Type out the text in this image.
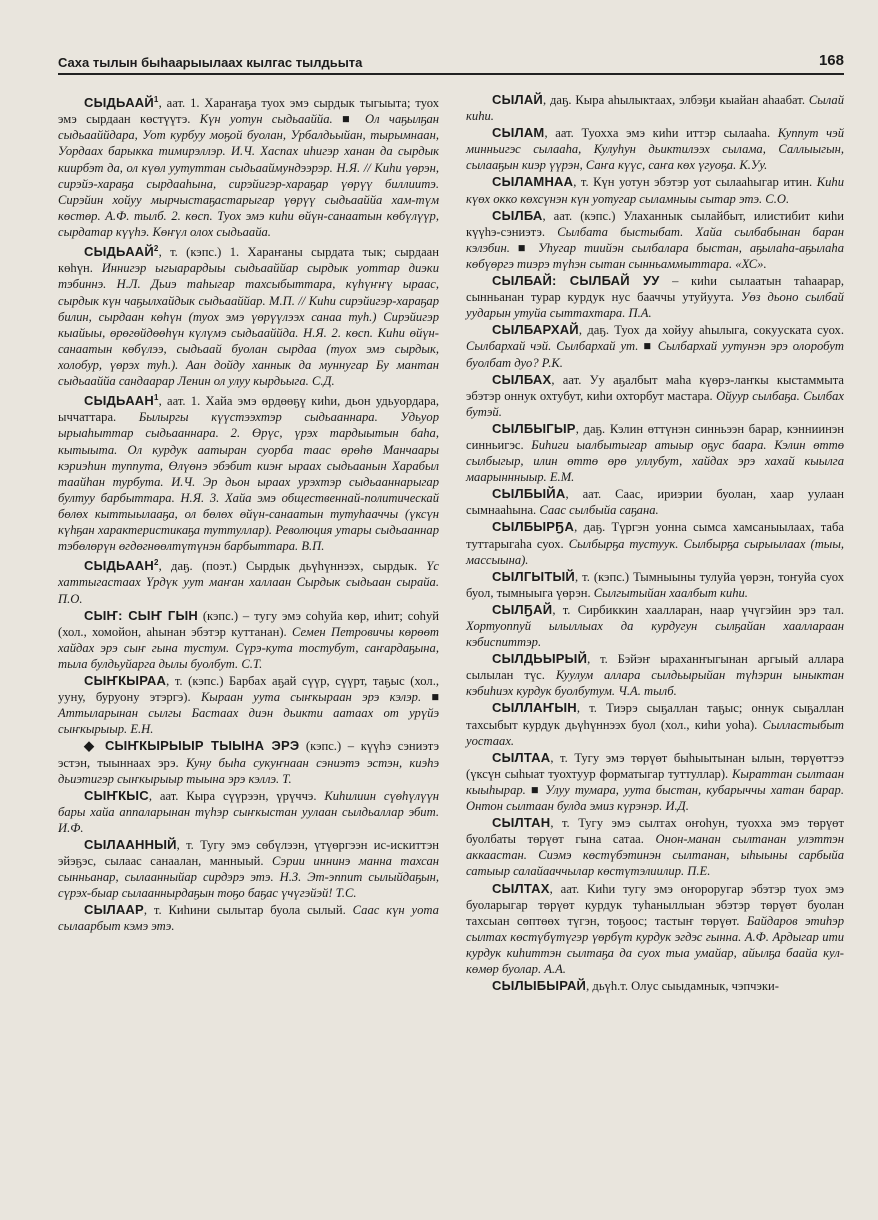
Саха тылын быһаарыылаах кылгас тылдьыта	168

СЫДЬААЙ$^1$, аат. 1. Хараҥаҕа туох эмэ сырдык тыгыыта; туох эмэ сырдаан көстүүтэ. Күн уотун сыдьааййа. ■ Ол чаҕылҕан сыдьааййдара, Уот курбуу моҕой буолан, Урбалдьыйан, тырымнаан, Уордаах барыкка тимирэллэр. И.Ч. Хаспах иһигэр ханан да сырдык киирбэт да, ол күөл уутуттан сыдьааймундээрэр. Н.Я. // Киһи үөрэн, сирэйэ-хараҕа сырдааһына, сирэйигэр-хараҕар үөрүү биллиитэ. Сирэйин хойуу мырчыстаҕастарыгар үөрүү сыдьааййа хам-түм көстөр. А.Ф. тылб. 2. көсп. Туох эмэ киһи өйүн-санаатын көбүлүүр, сырдатар күүһэ. Көҥүл олох сыдьаайа.

СЫДЬААЙ$^2$, т. (кэпс.) 1. Хараҥаны сырдата тык; сырдаан көһүн. Иннигэр ыгыарардыы сыдьааййар сырдык уоттар диэки тэбиннэ. Н.Л. Дьиэ таһыгар тахсыбыттара, күһүҥҥү ыраас, сырдык күн чаҕылхайдык сыдьааййар. М.П. // Киһи сирэйигэр-хараҕар билин, сырдаан көһүн (туох эмэ үөрүүлээх санаа туһ.) Сирэйигэр кыайыы, өрөгөйдөөһүн күлүмэ сыдьааййда. Н.Я. 2. көсп. Киһи өйүн-санаатын көбүлээ, сыдьаай буолан сырдаа (туох эмэ сырдык, холобур, үөрэх туһ.). Аан дойду ханнык да муннугар Бу мантан сыдьааййа сандаарар Ленин ол улуу кырдьыга. С.Д.

СЫДЬААН$^1$, аат. 1. Хайа эмэ өрдөөҕү киһи, дьон удьуордара, ыччаттара. Былыргы күүстээхтэр сыдьааннара. Удьуор ырыаһыттар сыдьааннара. 2. Өрүс, үрэх тардыытын баһа, кытыыта. Ол курдук аатыран суорба таас өрөһө Манчаары кэриэһин туппута, Өлүөнэ эбэбит киэҥ ыраах сыдьаанын Харабыл таайһан турбута. И.Ч. Эр дьон ыраах урэхтэр сыдьааннарыгар бултуу барбыттара. Н.Я. 3. Хайа эмэ общественнай-политическай бөлөх кыттыылааҕа, ол бөлөх өйүн-санаатын тутуһааччы (үксүн күһҕан характеристикаҕа туттуллар). Революция утары сыдьааннар тэбөлөрүн өгдөгнөөлтүтүнэн барбыттара. В.П.

СЫДЬААН$^2$, даҕ. (поэт.) Сырдык дьүһүннээх, сырдык. Үс хаттыгастаах Үрдүк уут маҥан халлаан Сырдык сыдьаан сырайа. П.О.

СЫҤ: СЫҤ ГЫН (кэпс.) – тугу эмэ соһуйа көр, иһит; соһуй (хол., хомойон, аһынан эбэтэр куттанан). Семен Петровичы көрөөт хайдах эрэ сыҥ гына тустум. Сүрэ-кута тостубут, саҥардаҕына, тыла булдьуйарга дылы буолбут. С.Т.

СЫҤКЫРАА, т. (кэпс.) Барбах аҕай сүүр, сүүрт, таҕыс (хол., ууну, буруону этэргэ). Кыраан уута сыҥкыраан эрэ кэлэр. ■ Аттыларынан сылгы Бастаах диэн дьикти аатаах от урүйэ сыҥкырыыр. Е.Н.

◆ СЫҤКЫРЫЫР ТЫЫНА ЭРЭ (кэпс.) – күүһэ сэниэтэ эстэн, тыыннаах эрэ. Куну быһа сукуҥнаан сэниэтэ эстэн, киэһэ дьиэтигэр сыҥкырыыр тыына эрэ кэллэ. Т.

СЫҤКЫС, аат. Кыра сүүрээн, үрүччэ. Киһилиин сүөһүлүүн бары хайа аппаларынан түһэр сыҥкыстан уулаан сылдьаллар эбит. И.Ф.

СЫЛААННЫЙ, т. Тугу эмэ сөбүлээн, үтүөргээн ис-искиттэн эйэҕэс, сылаас санаалан, манныый. Сэрии иннинэ манна тахсан сынньанар, сылаанныйар сирдэрэ этэ. Н.З. Эт-эппит сылыйдаҕын, сүрэх-быар сылааннырдаҕын тоҕо баҕас үчүгэйэй! Т.С.

СЫЛААР, т. Киһини сылытар буола сылый. Саас күн уота сылаарбыт кэмэ этэ.

СЫЛАЙ, даҕ. Кыра аһылыктаах, элбэҕи кыайан аһаабат. Сылай киһи.

СЫЛАМ, аат. Туохха эмэ киһи иттэр сылааһа. Куппут чэй минньигэс сылааһа, Кулуһун дьиктилээх сылама, Саллыыгын, сылааҕын киэр үүрэн, Саҥа күүс, саҥа көх үгуоҕа. К.Уу.

СЫЛАМНАА, т. Күн уотун эбэтэр уот сылааһыгар итин. Киһи күөх окко көхсүнэн күн уотугар сыламныы сытар этэ. С.О.

СЫЛБА, аат. (кэпс.) Улаханнык сылайбыт, илистибит киһи күүһэ-сэниэтэ. Сылбата быстыбат. Хайа сылбабынан баран кэлэбин. ■ Уһугар тиийэн сылбалара быстан, аҕылаһа-аҕылаһа көбүөргэ тиэрэ түһэн сытан сынньаммыттара. «ХС».

СЫЛБАЙ: СЫЛБАЙ УУ – киһи сылаатын таһаарар, сынньанан турар курдук нус бааччы утуйуута. Уөз дьоно сылбай уударын утуйа сыттахтара. П.А.

СЫЛБАРХАЙ, даҕ. Туох да хойуу аһылыга, сокууската суох. Сылбархай чэй. Сылбархай ут. ■ Сылбархай уутунэн эрэ олоробут буолбат дуо? Р.К.

СЫЛБАХ, аат. Уу аҕалбыт маһа күөрэ-лаҥкы кыстаммыта эбэтэр оннук охтубут, киһи охторбут мастара. Ойуур сылбаҕа. Сылбах бутэй.

СЫЛБЫГЫР, даҕ. Кэлин өттүнэн синньээн барар, кэнниинэн синньигэс. Биһиги ыалбытыгар атыыр оҕус баара. Кэлин өттө сылбыгыр, илин өттө өрө уллубут, хайдах эрэ хахай кыылга маарыннныыр. Е.М.

СЫЛБЫЙА, аат. Саас, ириэрии буолан, хаар уулаан сымнааһына. Саас сылбыйа саҕана.

СЫЛБЫРҔА, даҕ. Түргэн уонна сымса хамсаныылаах, таба туттарыгаһа суох. Сылбырҕа тустуук. Сылбырҕа сырыылаах (тыы, массыына).

СЫЛГЫТЫЙ, т. (кэпс.) Тымныыны тулуйа үөрэн, тоҥуйа суох буол, тымныыга үөрэн. Сылгытыйан хаалбыт киһи.

СЫЛҔАЙ, т. Сирбиккин хаалларан, наар үчүгэйин эрэ тал. Хортуоппуй ылыллыах да курдугун сылҕайан хааллараан кэбиспиттэр.

СЫЛДЬЫРЫЙ, т. Бэйэҥ ыраханҥыгынан аргыый аллара сылылан түс. Куулум аллара сылдьырыйан түһэрин ыныктан кэбиһиэх курдук буолбутум. Ч.А. тылб.

СЫЛЛАҤЫН, т. Тиэрэ сыҕаллан таҕыс; оннук сыҕаллан тахсыбыт курдук дьүһүннээх буол (хол., киһи уоһа). Сылластыбыт уостаах.

СЫЛТАА, т. Тугу эмэ төрүөт быһыытынан ылын, төрүөттээ (үксүн сыһыат туохтуур форматыгар туттуллар). Кыраттан сылтаан кыыһырар. ■ Улуу тумара, уута быстан, кубарыччы хатан барар. Онтон сылтаан булда эмиз күрэнэр. И.Д.

СЫЛТАН, т. Тугу эмэ сылтах оҥоһун, туохха эмэ төрүөт буолбаты төрүөт гына сатаа. Онон-манан сылтанан улэттэн аккаастан. Сиэмэ көстүбэтинэн сылтанан, ыһыыны сарбыйа сатыыр салайааччылар көстүтэлиилир. П.Е.

СЫЛТАХ, аат. Киһи тугу эмэ оҥороругар эбэтэр туох эмэ буоларыгар төрүөт курдук туһаныллыан эбэтэр төрүөт буолан тахсыан сөптөөх түгэн, тоҕоос; тастыҥ төрүөт. Байдаров этиһэр сылтах көстүбүтүгэр үөрбүт курдук эгдэс гынна. А.Ф. Ардыгар ити курдук киһиттэн сылтаҕа да суох тыа умайар, айылҕа баайа кул-көмөр буолар. А.А.

СЫЛЫБЫРАЙ, дьүһ.т. Олус сыыдамнык, чэпчэки-
